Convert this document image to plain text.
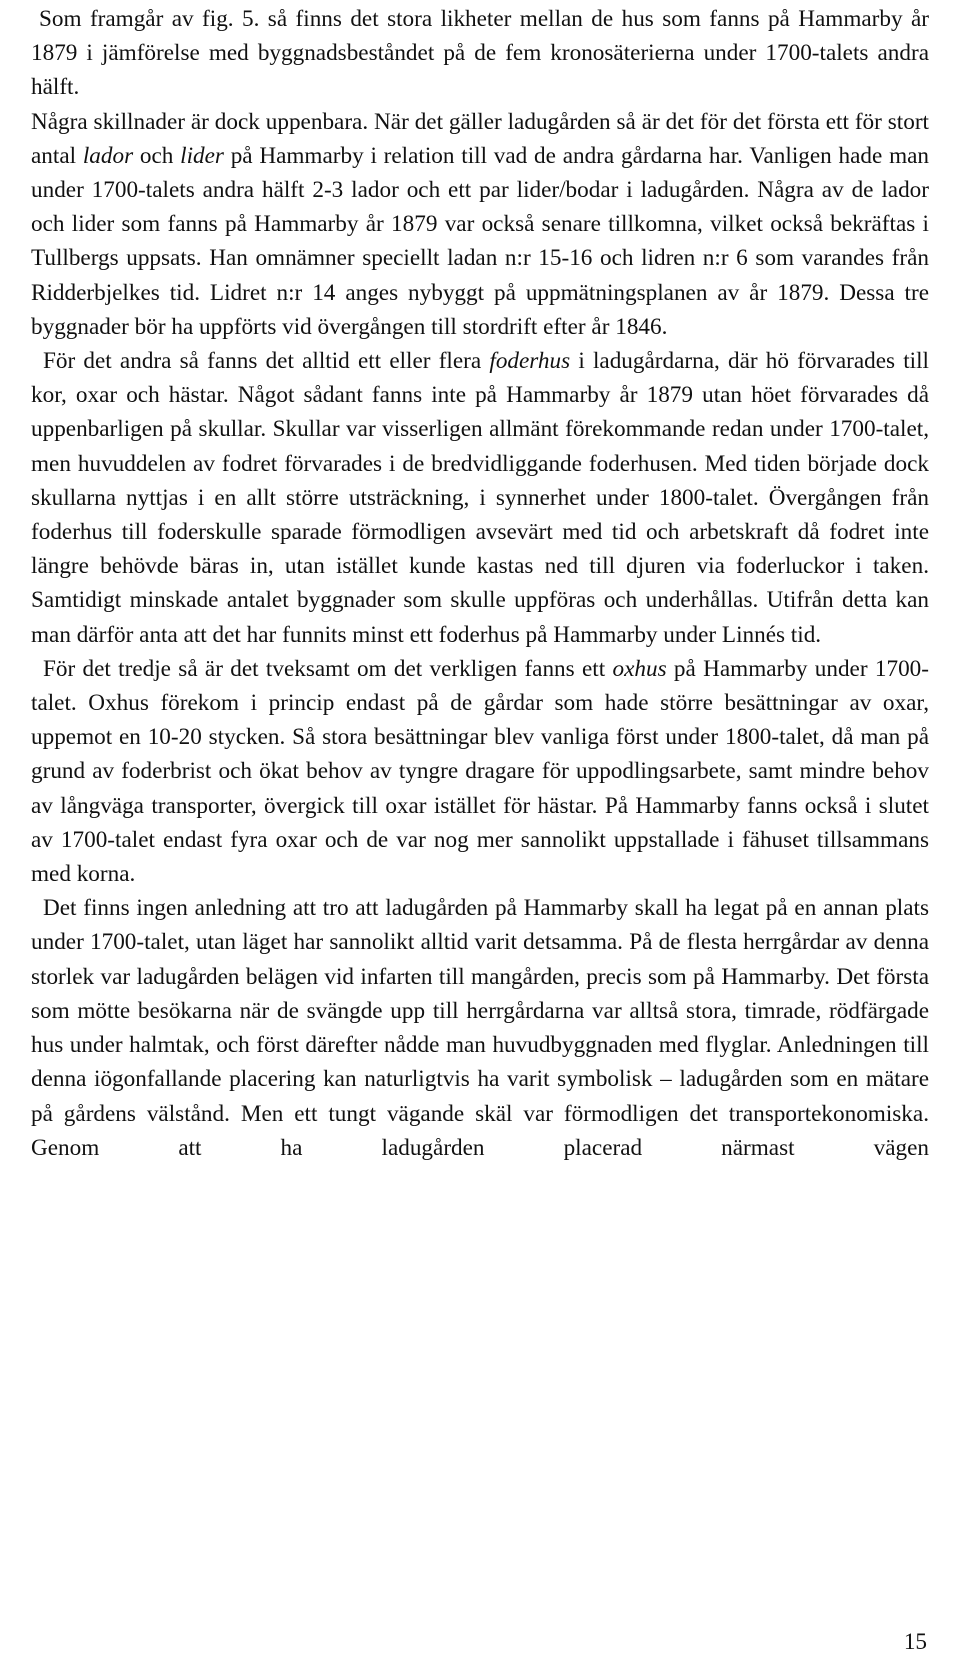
Som framgår av fig. 5. så finns det stora likheter mellan de hus som fanns på Hammarby år 1879 i jämförelse med byggnadsbeståndet på de fem kronosäterierna under 1700-talets andra hälft.

Några skillnader är dock uppenbara. När det gäller ladugården så är det för det första ett för stort antal lador och lider på Hammarby i relation till vad de andra gårdarna har. Vanligen hade man under 1700-talets andra hälft 2-3 lador och ett par lider/bodar i ladugården. Några av de lador och lider som fanns på Hammarby år 1879 var också senare tillkomna, vilket också bekräftas i Tullbergs uppsats. Han omnämner speciellt ladan n:r 15-16 och lidren n:r 6 som varandes från Ridderbjelkes tid. Lidret n:r 14 anges nybyggt på uppmätningsplanen av år 1879. Dessa tre byggnader bör ha uppförts vid övergången till stordrift efter år 1846.

För det andra så fanns det alltid ett eller flera foderhus i ladugårdarna, där hö förvarades till kor, oxar och hästar. Något sådant fanns inte på Hammarby år 1879 utan höet förvarades då uppenbarligen på skullar. Skullar var visserligen allmänt förekommande redan under 1700-talet, men huvuddelen av fodret förvarades i de bredvidliggande foderhusen. Med tiden började dock skullarna nyttjas i en allt större utsträckning, i synnerhet under 1800-talet. Övergången från foderhus till foderskulle sparade förmodligen avsevärt med tid och arbetskraft då fodret inte längre behövde bäras in, utan istället kunde kastas ned till djuren via foderluckor i taken. Samtidigt minskade antalet byggnader som skulle uppföras och underhållas. Utifrån detta kan man därför anta att det har funnits minst ett foderhus på Hammarby under Linnés tid.

För det tredje så är det tveksamt om det verkligen fanns ett oxhus på Hammarby under 1700-talet. Oxhus förekom i princip endast på de gårdar som hade större besättningar av oxar, uppemot en 10-20 stycken. Så stora besättningar blev vanliga först under 1800-talet, då man på grund av foderbrist och ökat behov av tyngre dragare för uppodlingsarbete, samt mindre behov av långväga transporter, övergick till oxar istället för hästar. På Hammarby fanns också i slutet av 1700-talet endast fyra oxar och de var nog mer sannolikt uppstallade i fähuset tillsammans med korna.

Det finns ingen anledning att tro att ladugården på Hammarby skall ha legat på en annan plats under 1700-talet, utan läget har sannolikt alltid varit detsamma. På de flesta herrgårdar av denna storlek var ladugården belägen vid infarten till mangården, precis som på Hammarby. Det första som mötte besökarna när de svängde upp till herrgårdarna var alltså stora, timrade, rödfärgade hus under halmtak, och först därefter nådde man huvudbyggnaden med flyglar. Anledningen till denna iögonfallande placering kan naturligtvis ha varit symbolisk – ladugården som en mätare på gårdens välstånd. Men ett tungt vägande skäl var förmodligen det transportekonomiska. Genom att ha ladugården placerad närmast vägen

15
